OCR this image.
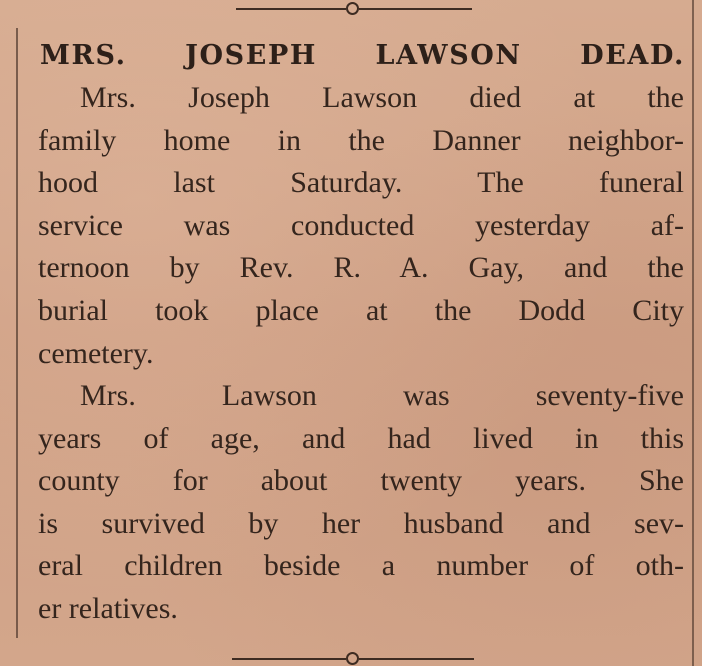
MRS. JOSEPH LAWSON DEAD.
Mrs. Joseph Lawson died at the
family home in the Danner neighbor-
hood last Saturday. The funeral
service was conducted yesterday af-
ternoon by Rev. R. A. Gay, and the
burial took place at the Dodd City
cemetery.
Mrs. Lawson was seventy-five
years of age, and had lived in this
county for about twenty years. She
is survived by her husband and sev-
eral children beside a number of oth-
er relatives.
